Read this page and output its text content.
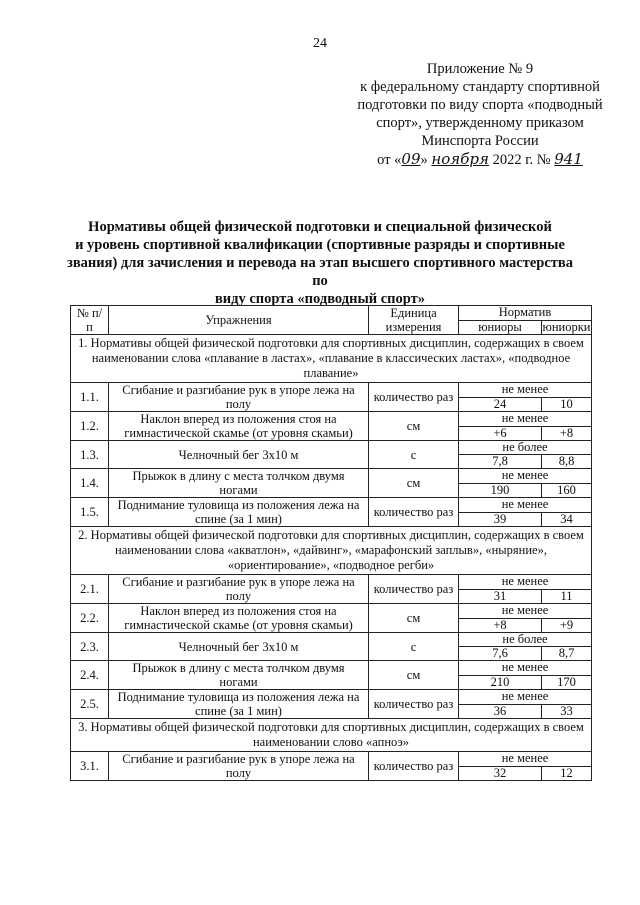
24
Приложение № 9
к федеральному стандарту спортивной
подготовки по виду спорта «подводный
спорт», утвержденному приказом
Минспорта России
от «09» ноября 2022 г. № 941
Нормативы общей физической подготовки и специальной физической
и уровень спортивной квалификации (спортивные разряды и спортивные
звания) для зачисления и перевода на этап высшего спортивного мастерства по
виду спорта «подводный спорт»
№ п/п	Упражнения	Единица измерения	Норматив	
			юниоры	юниорки
1. Нормативы общей физической подготовки для спортивных дисциплин, содержащих в своем наименовании слова «плавание в ластах», «плавание в классических ластах», «подводное плавание»				
1.1.	Сгибание и разгибание рук в упоре лежа на полу	количество раз	не менее	
			24	10
1.2.	Наклон вперед из положения стоя на гимнастической скамье (от уровня скамьи)	см	не менее	
			+6	+8
1.3.	Челночный бег 3х10 м	с	не более	
			7,8	8,8
1.4.	Прыжок в длину с места толчком двумя ногами	см	не менее	
			190	160
1.5.	Поднимание туловища из положения лежа на спине (за 1 мин)	количество раз	не менее	
			39	34
2. Нормативы общей физической подготовки для спортивных дисциплин, содержащих в своем наименовании слова «акватлон», «дайвинг», «марафонский заплыв», «ныряние», «ориентирование», «подводное регби»				
2.1.	Сгибание и разгибание рук в упоре лежа на полу	количество раз	не менее	
			31	11
2.2.	Наклон вперед из положения стоя на гимнастической скамье (от уровня скамьи)	см	не менее	
			+8	+9
2.3.	Челночный бег 3х10 м	с	не более	
			7,6	8,7
2.4.	Прыжок в длину с места толчком двумя ногами	см	не менее	
			210	170
2.5.	Поднимание туловища из положения лежа на спине (за 1 мин)	количество раз	не менее	
			36	33
3. Нормативы общей физической подготовки для спортивных дисциплин, содержащих в своем наименовании слово «апноэ»				
3.1.	Сгибание и разгибание рук в упоре лежа на полу	количество раз	не менее	
			32	12
